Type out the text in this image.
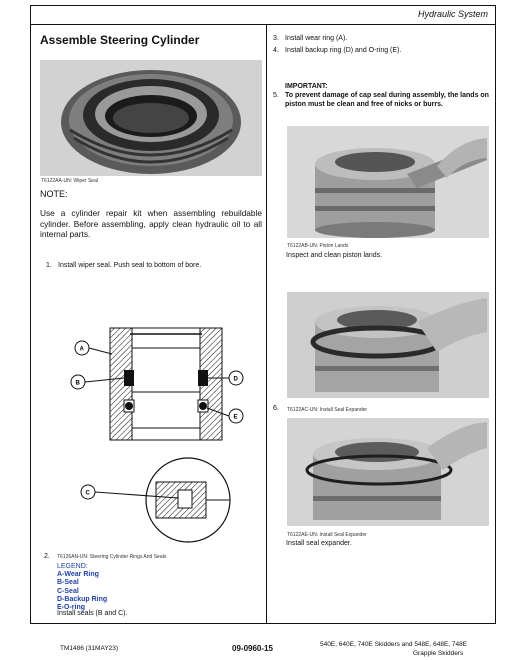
Hydraulic System
Assemble Steering Cylinder
T6122AA-UN: Wiper Seal
NOTE:
Use a cylinder repair kit when assembling rebuildable cylinder. Before assembling, apply clean hydraulic oil to all internal parts.
1. Install wiper seal. Push seal to bottom of bore.
A
B
D
E
C
2. T6126AN-UN: Steering Cylinder Rings And Seals
LEGEND:
A-Wear Ring
B-Seal
C-Seal
D-Backup Ring
E-O-ring
Install seals (B and C).
3. Install wear ring (A).
4. Install backup ring (D) and O-ring (E).
IMPORTANT:
5. To prevent damage of cap seal during assembly, the lands on piston must be clean and free of nicks or burrs.
T6122AB-UN: Piston Lands
Inspect and clean piston lands.
6. T6122AC-UN: Install Seal Expander
T6122AE-UN: Install Seal Expander
Install seal expander.
TM1486 (31MAY23)	09-0960-15	540E, 640E, 740E Skidders and 548E, 648E, 748E
Grapple Skidders
